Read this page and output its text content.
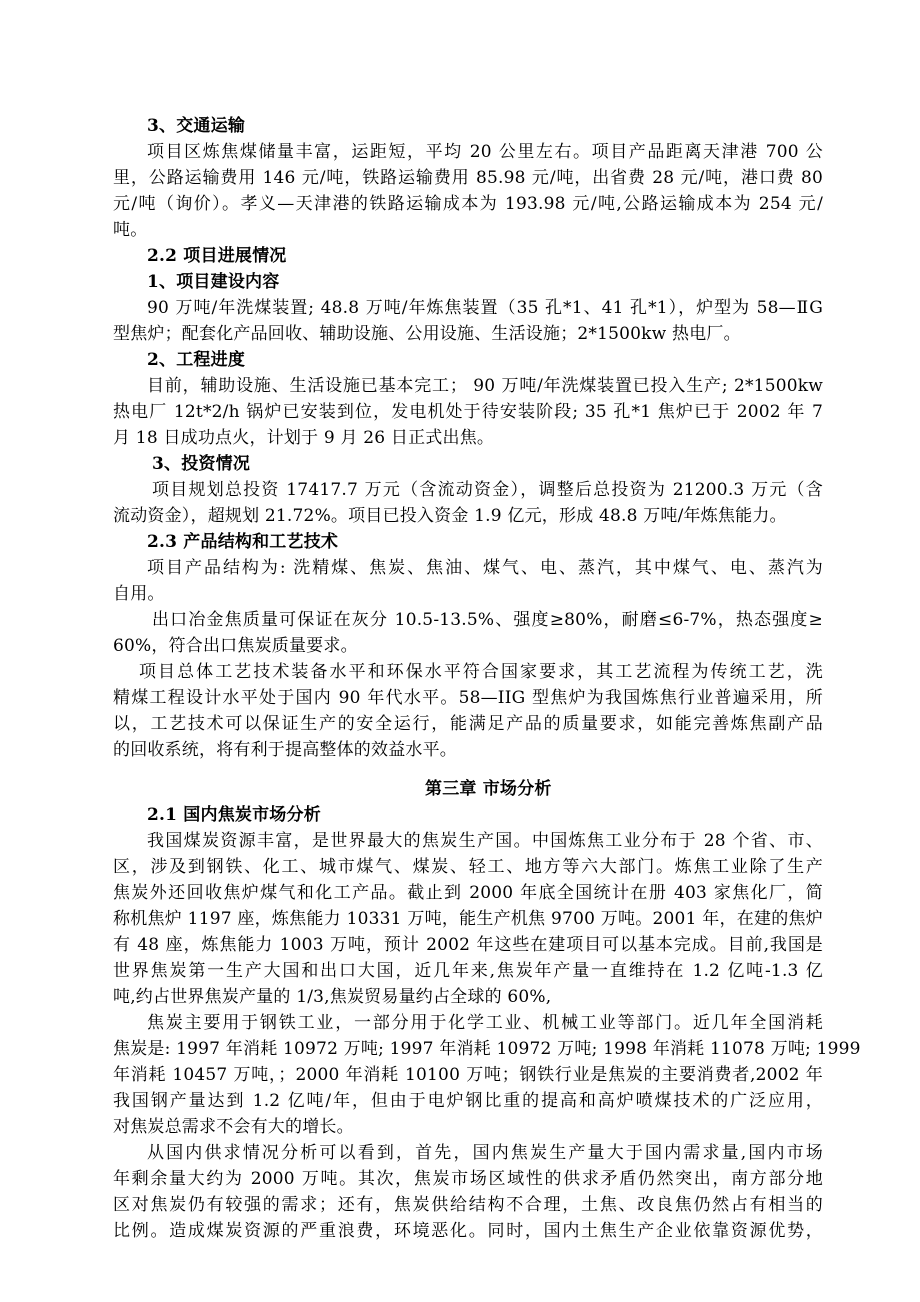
3、交通运输
项目区炼焦煤储量丰富，运距短，平均 20 公里左右。项目产品距离天津港 700 公
里，公路运输费用 146 元/吨，铁路运输费用 85.98 元/吨，出省费 28 元/吨，港口费 80
元/吨（询价）。孝义—天津港的铁路运输成本为 193.98 元/吨,公路运输成本为 254 元/
吨。
2.2 项目进展情况
1、项目建设内容
90 万吨/年洗煤装置; 48.8 万吨/年炼焦装置（35 孔*1、41 孔*1），炉型为 58—ⅡG
型焦炉；配套化产品回收、辅助设施、公用设施、生活设施；2*1500kw 热电厂。
2、工程进度
目前，辅助设施、生活设施已基本完工； 90 万吨/年洗煤装置已投入生产; 2*1500kw
热电厂 12t*2/h 锅炉已安装到位，发电机处于待安装阶段; 35 孔*1 焦炉已于 2002 年 7
月 18 日成功点火，计划于 9 月 26 日正式出焦。
3、投资情况
项目规划总投资 17417.7 万元（含流动资金），调整后总投资为 21200.3 万元（含
流动资金），超规划 21.72%。项目已投入资金 1.9 亿元，形成 48.8 万吨/年炼焦能力。
2.3 产品结构和工艺技术
项目产品结构为: 洗精煤、焦炭、焦油、煤气、电、蒸汽，其中煤气、电、蒸汽为
自用。
出口冶金焦质量可保证在灰分 10.5-13.5%、强度≥80%，耐磨≤6-7%，热态强度≥
60%，符合出口焦炭质量要求。
项目总体工艺技术装备水平和环保水平符合国家要求，其工艺流程为传统工艺，洗
精煤工程设计水平处于国内 90 年代水平。58—IIG 型焦炉为我国炼焦行业普遍采用，所
以，工艺技术可以保证生产的安全运行，能满足产品的质量要求，如能完善炼焦副产品
的回收系统，将有利于提高整体的效益水平。
第三章 市场分析
2.1 国内焦炭市场分析
我国煤炭资源丰富，是世界最大的焦炭生产国。中国炼焦工业分布于 28 个省、市、
区，涉及到钢铁、化工、城市煤气、煤炭、轻工、地方等六大部门。炼焦工业除了生产
焦炭外还回收焦炉煤气和化工产品。截止到 2000 年底全国统计在册 403 家焦化厂，简
称机焦炉 1197 座，炼焦能力 10331 万吨，能生产机焦 9700 万吨。2001 年，在建的焦炉
有 48 座，炼焦能力 1003 万吨，预计 2002 年这些在建项目可以基本完成。目前,我国是
世界焦炭第一生产大国和出口大国，近几年来,焦炭年产量一直维持在 1.2 亿吨-1.3 亿
吨,约占世界焦炭产量的 1/3,焦炭贸易量约占全球的 60%,
焦炭主要用于钢铁工业，一部分用于化学工业、机械工业等部门。近几年全国消耗
焦炭是: 1997 年消耗 10972 万吨; 1997 年消耗 10972 万吨; 1998 年消耗 11078 万吨; 1999
年消耗 10457 万吨，；2000 年消耗 10100 万吨；钢铁行业是焦炭的主要消费者,2002 年
我国钢产量达到 1.2 亿吨/年，但由于电炉钢比重的提高和高炉喷煤技术的广泛应用，
对焦炭总需求不会有大的增长。
从国内供求情况分析可以看到，首先，国内焦炭生产量大于国内需求量,国内市场
年剩余量大约为 2000 万吨。其次，焦炭市场区域性的供求矛盾仍然突出，南方部分地
区对焦炭仍有较强的需求；还有，焦炭供给结构不合理，土焦、改良焦仍然占有相当的
比例。造成煤炭资源的严重浪费，环境恶化。同时，国内土焦生产企业依靠资源优势，
